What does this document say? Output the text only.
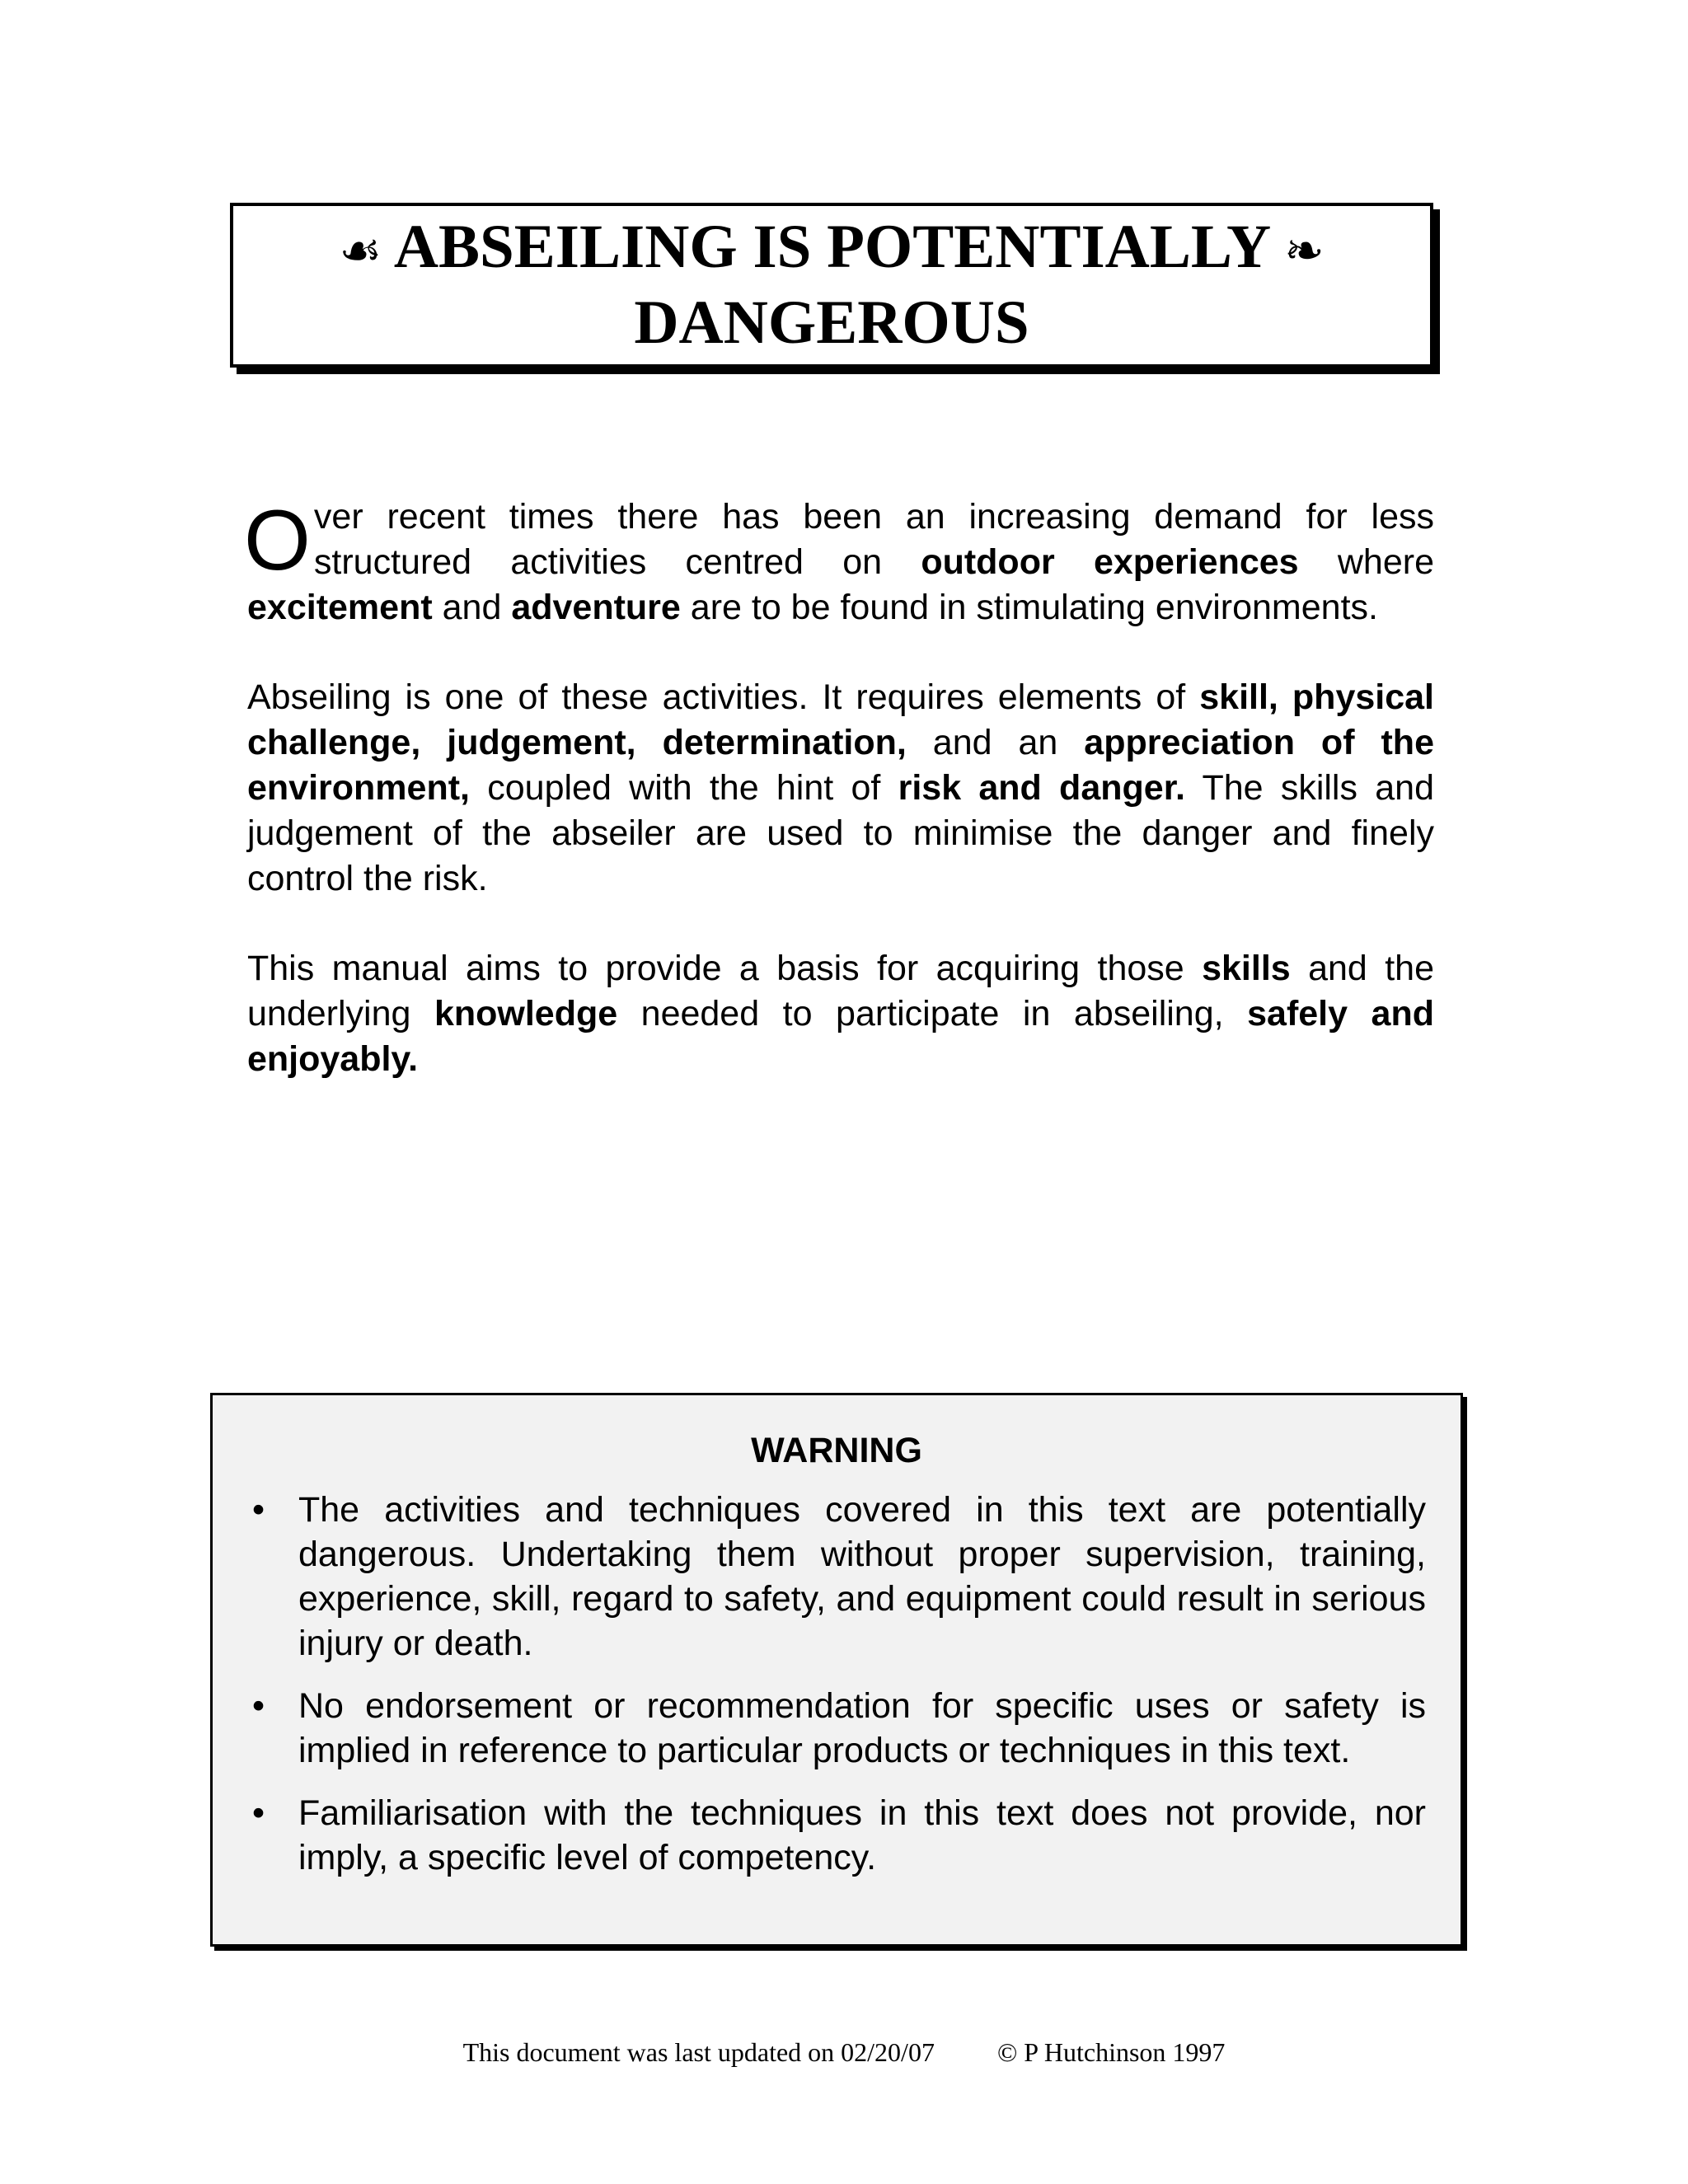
☙ ABSEILING IS POTENTIALLY ❧
DANGEROUS

Over recent times there has been an increasing demand for less structured activities centred on outdoor experiences where excitement and adventure are to be found in stimulating environments.

Abseiling is one of these activities. It requires elements of skill, physical challenge, judgement, determination, and an appreciation of the environment, coupled with the hint of risk and danger. The skills and judgement of the abseiler are used to minimise the danger and finely control the risk.

This manual aims to provide a basis for acquiring those skills and the underlying knowledge needed to participate in abseiling, safely and enjoyably.

WARNING
• The activities and techniques covered in this text are potentially dangerous. Undertaking them without proper supervision, training, experience, skill, regard to safety, and equipment could result in serious injury or death.
• No endorsement or recommendation for specific uses or safety is implied in reference to particular products or techniques in this text.
• Familiarisation with the techniques in this text does not provide, nor imply, a specific level of competency.
This document was last updated on 02/20/07 © P Hutchinson 1997
